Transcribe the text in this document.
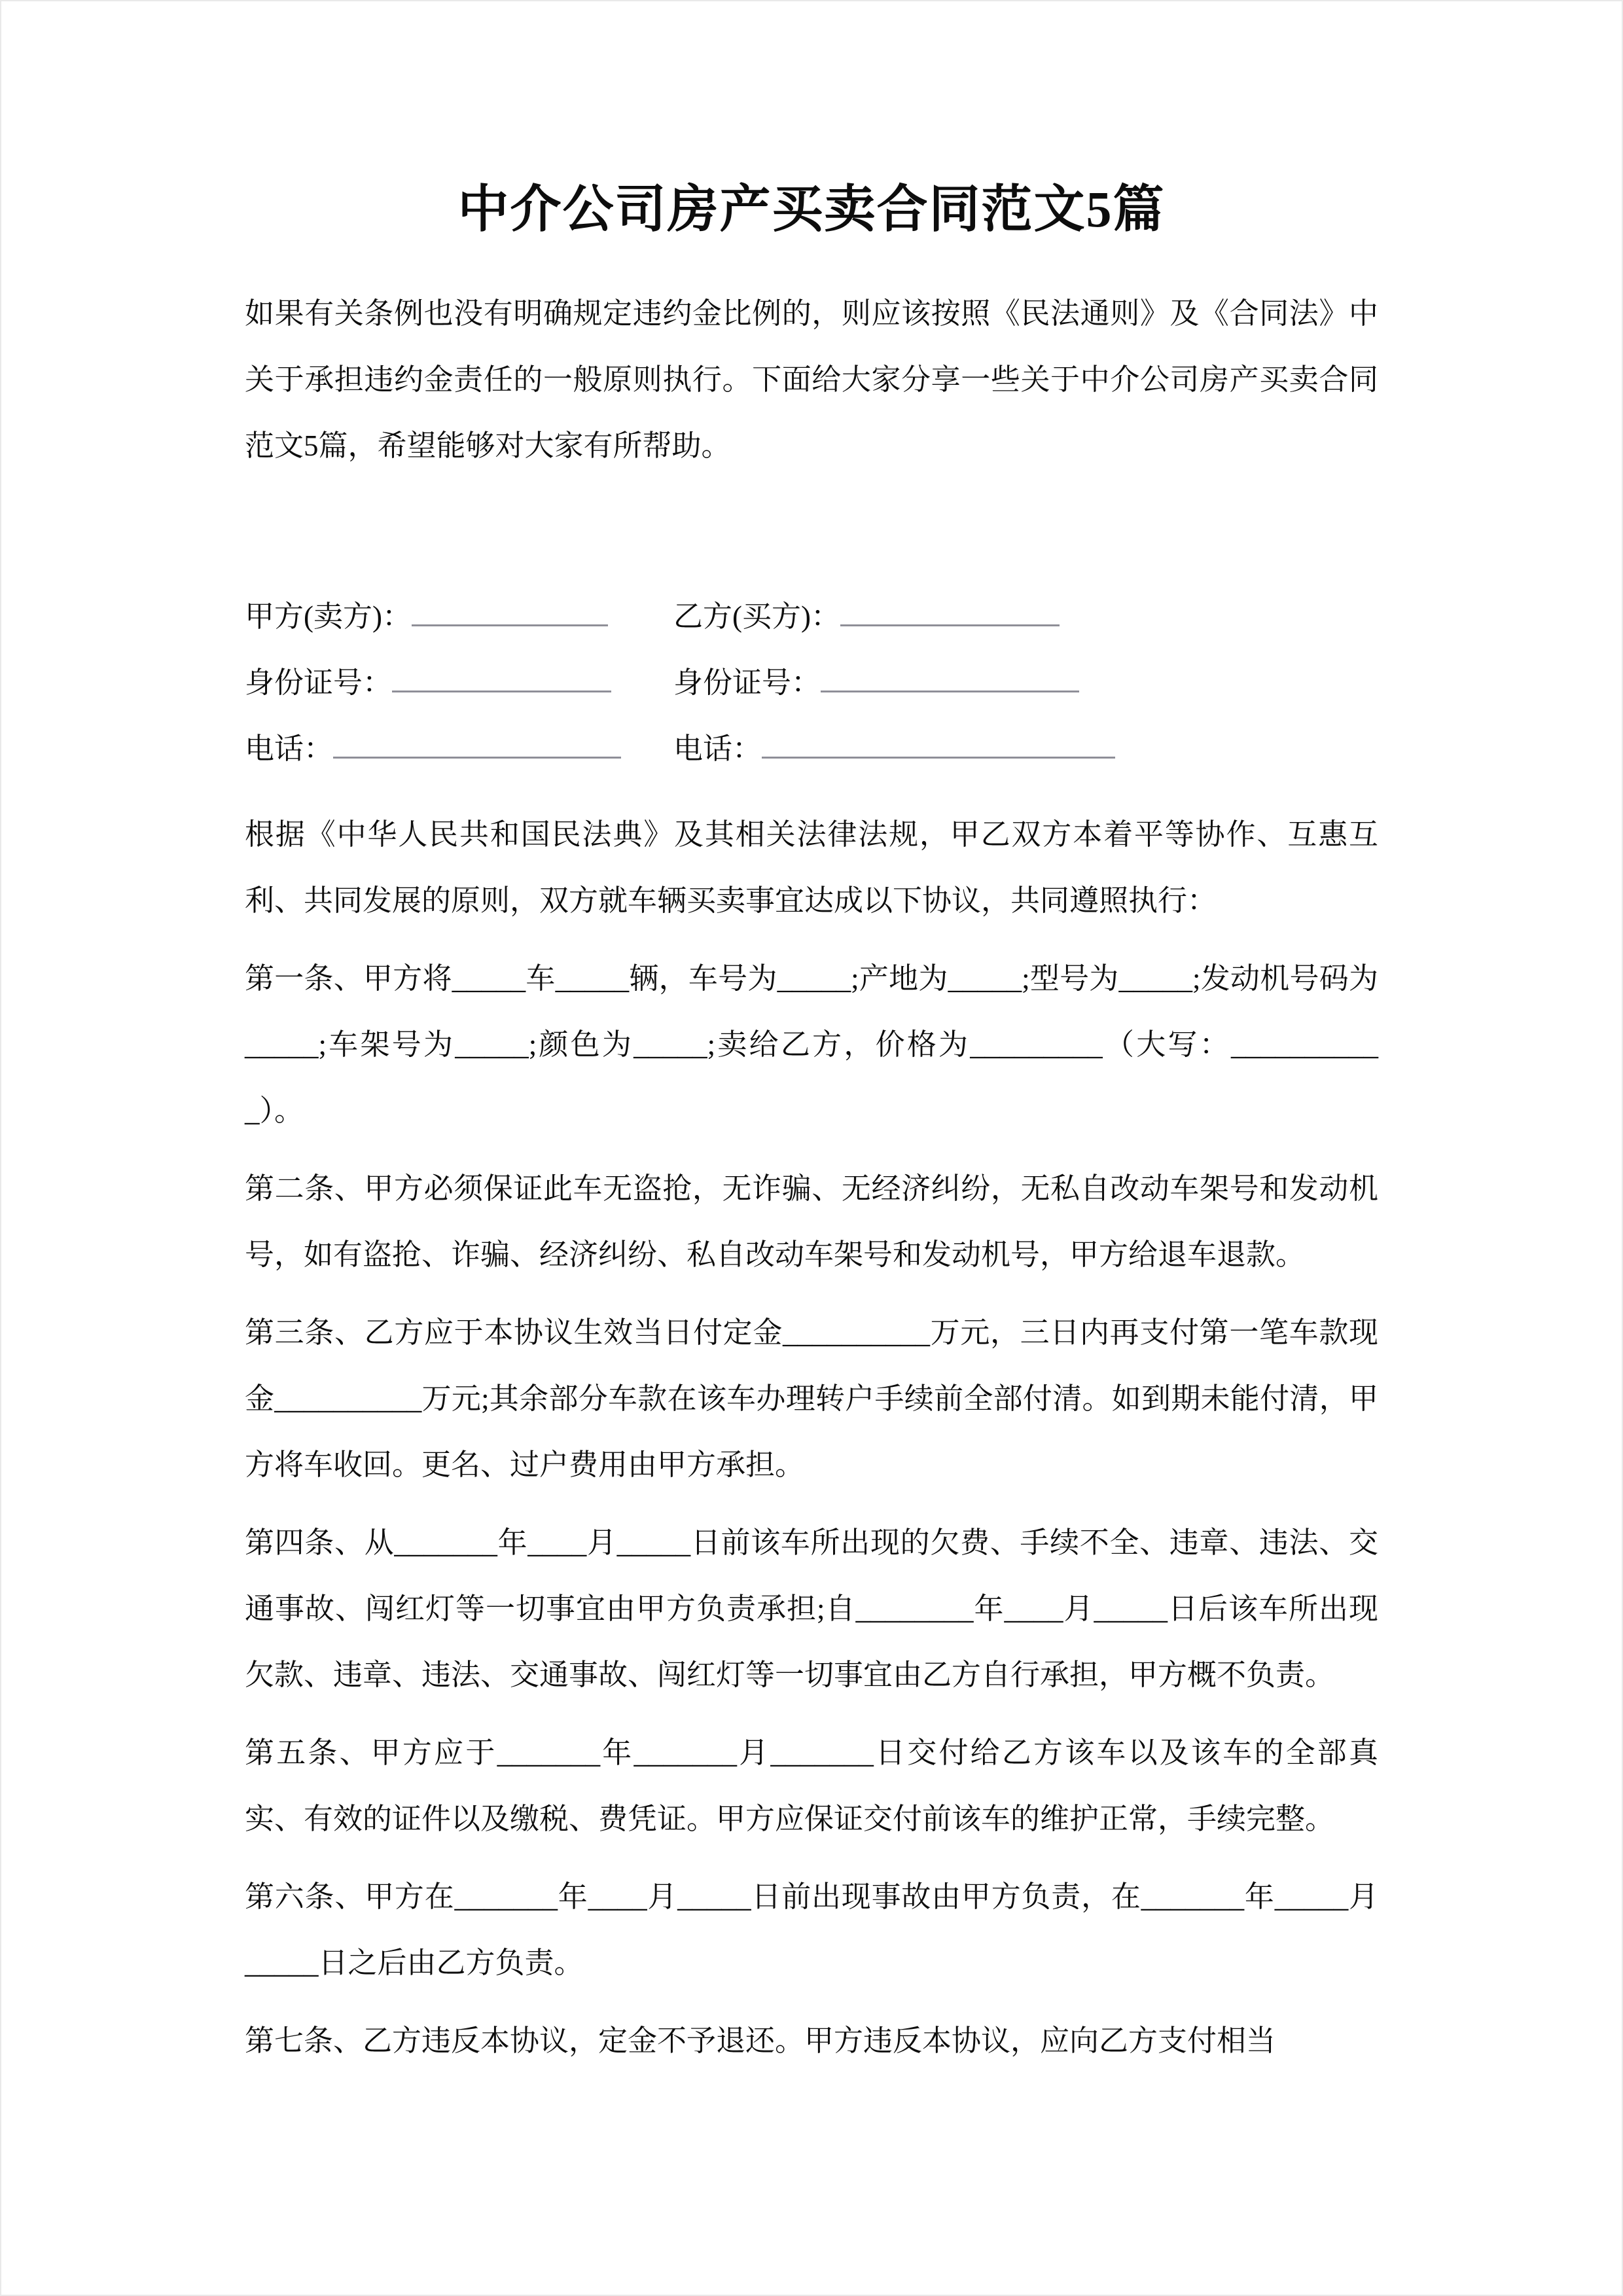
中介公司房产买卖合同范文5篇

如果有关条例也没有明确规定违约金比例的，则应该按照《民法通则》及《合同法》中关于承担违约金责任的一般原则执行。下面给大家分享一些关于中介公司房产买卖合同范文5篇，希望能够对大家有所帮助。

甲方(卖方)：	乙方(买方)：
身份证号：	身份证号：
电话：	电话：

根据《中华人民共和国民法典》及其相关法律法规，甲乙双方本着平等协作、互惠互利、共同发展的原则，双方就车辆买卖事宜达成以下协议，共同遵照执行：

第一条、甲方将_____车_____辆，车号为_____;产地为_____;型号为_____;发动机号码为_____;车架号为_____;颜色为_____;卖给乙方，价格为_________（大写：___________）。

第二条、甲方必须保证此车无盗抢，无诈骗、无经济纠纷，无私自改动车架号和发动机号，如有盗抢、诈骗、经济纠纷、私自改动车架号和发动机号，甲方给退车退款。

第三条、乙方应于本协议生效当日付定金__________万元，三日内再支付第一笔车款现金__________万元;其余部分车款在该车办理转户手续前全部付清。如到期未能付清，甲方将车收回。更名、过户费用由甲方承担。

第四条、从_______年____月_____日前该车所出现的欠费、手续不全、违章、违法、交通事故、闯红灯等一切事宜由甲方负责承担;自________年____月_____日后该车所出现欠款、违章、违法、交通事故、闯红灯等一切事宜由乙方自行承担，甲方概不负责。

第五条、甲方应于_______年_______月_______日交付给乙方该车以及该车的全部真实、有效的证件以及缴税、费凭证。甲方应保证交付前该车的维护正常，手续完整。

第六条、甲方在_______年____月_____日前出现事故由甲方负责，在_______年_____月_____日之后由乙方负责。

第七条、乙方违反本协议，定金不予退还。甲方违反本协议，应向乙方支付相当
